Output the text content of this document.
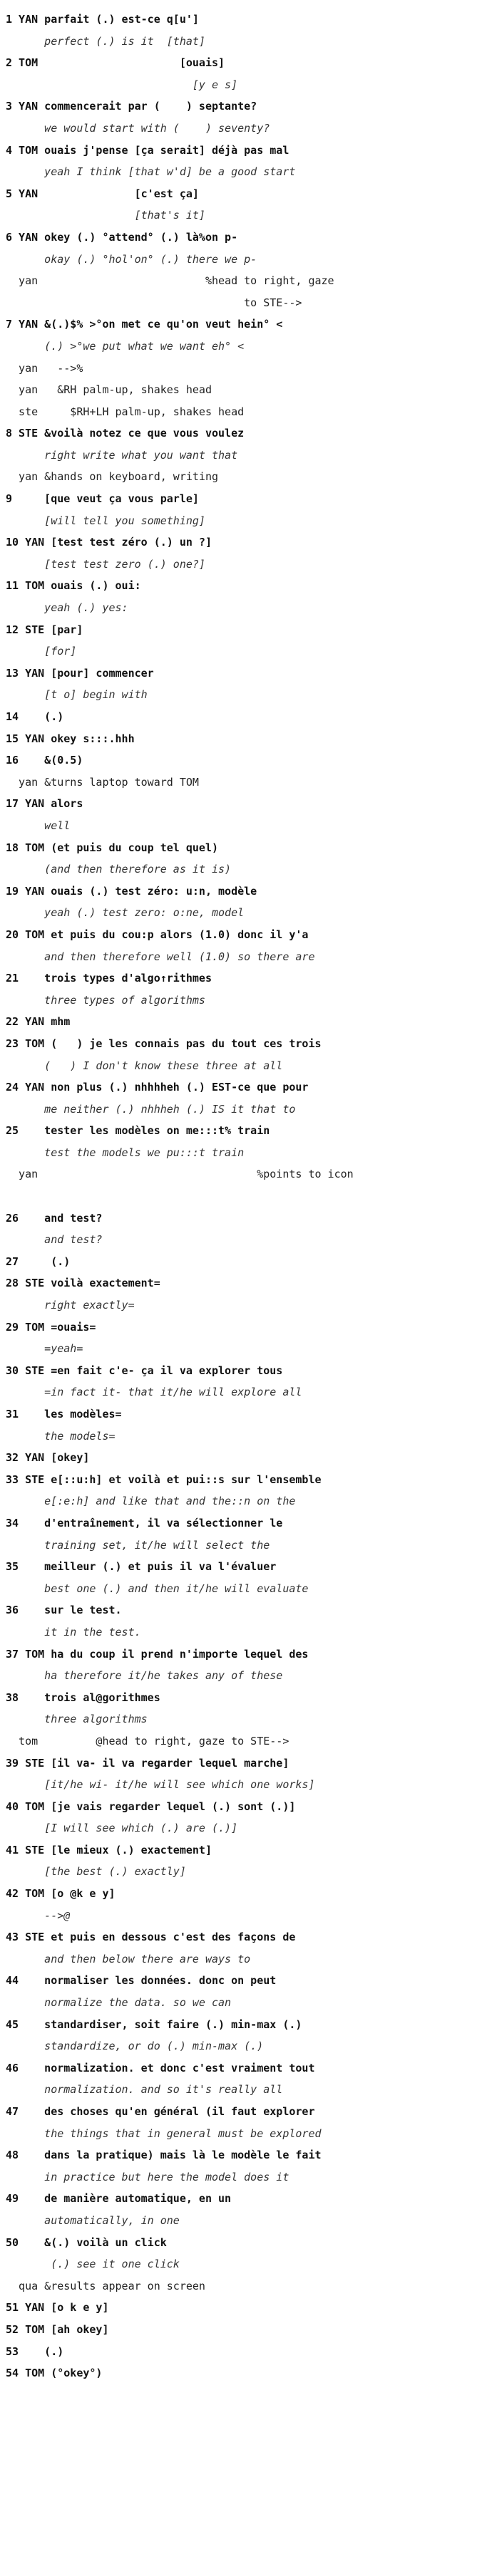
1 YAN parfait (.) est-ce q[u']
perfect (.) is it  [that]
2 TOM                      [ouais]
[y e s]
3 YAN commencerait par (    ) septante?
we would start with (    ) seventy?
4 TOM ouais j'pense [ça serait] déjà pas mal
yeah I think [that w'd] be a good start
5 YAN               [c'est ça]
[that's it]
6 YAN okey (.) °attend° (.) là%on p-
okay (.) °hol'on° (.) there we p-
yan                          %head to right, gaze
to STE-->
7 YAN &(.)$% >°on met ce qu'on veut hein° <
(.) >°we put what we want eh° <
yan   -->%
yan   &RH palm-up, shakes head
ste     $RH+LH palm-up, shakes head
8 STE &voilà notez ce que vous voulez
right write what you want that
yan &hands on keyboard, writing
9     [que veut ça vous parle]
[will tell you something]
10 YAN [test test zéro (.) un ?]
[test test zero (.) one?]
11 TOM ouais (.) oui:
yeah (.) yes:
12 STE [par]
[for]
13 YAN [pour] commencer
[t o] begin with
14    (.)
15 YAN okey s:::.hhh
16    &(0.5)
yan &turns laptop toward TOM
17 YAN alors
well
18 TOM (et puis du coup tel quel)
(and then therefore as it is)
19 YAN ouais (.) test zéro: u:n, modèle
yeah (.) test zero: o:ne, model
20 TOM et puis du cou:p alors (1.0) donc il y'a
and then therefore well (1.0) so there are
21    trois types d'algo↑rithmes
three types of algorithms
22 YAN mhm
23 TOM (   ) je les connais pas du tout ces trois
(   ) I don't know these three at all
24 YAN non plus (.) nhhhheh (.) EST-ce que pour
me neither (.) nhhheh (.) IS it that to
25    tester les modèles on me:::t% train
test the models we pu:::t train
yan                                  %points to icon
26    and test?
and test?
27     (.)
28 STE voilà exactement=
right exactly=
29 TOM =ouais=
=yeah=
30 STE =en fait c'e- ça il va explorer tous
=in fact it- that it/he will explore all
31    les modèles=
the models=
32 YAN [okey]
33 STE e[::u:h] et voilà et pui::s sur l'ensemble
e[:e:h] and like that and the::n on the
34    d'entraînement, il va sélectionner le
training set, it/he will select the
35    meilleur (.) et puis il va l'évaluer
best one (.) and then it/he will evaluate
36    sur le test.
it in the test.
37 TOM ha du coup il prend n'importe lequel des
ha therefore it/he takes any of these
38    trois al@gorithmes
three algorithms
tom         @head to right, gaze to STE-->
39 STE [il va- il va regarder lequel marche]
[it/he wi- it/he will see which one works]
40 TOM [je vais regarder lequel (.) sont (.)]
[I will see which (.) are (.)]
41 STE [le mieux (.) exactement]
[the best (.) exactly]
42 TOM [o @k e y]
-->@
43 STE et puis en dessous c'est des façons de
and then below there are ways to
44    normaliser les données. donc on peut
normalize the data. so we can
45    standardiser, soit faire (.) min-max (.)
standardize, or do (.) min-max (.)
46    normalization. et donc c'est vraiment tout
normalization. and so it's really all
47    des choses qu'en général (il faut explorer
the things that in general must be explored
48    dans la pratique) mais là le modèle le fait
in practice but here the model does it
49    de manière automatique, en un
automatically, in one
50    &(.) voilà un click
(.) see it one click
qua &results appear on screen
51 YAN [o k e y]
52 TOM [ah okey]
53    (.)
54 TOM (°okey°)
